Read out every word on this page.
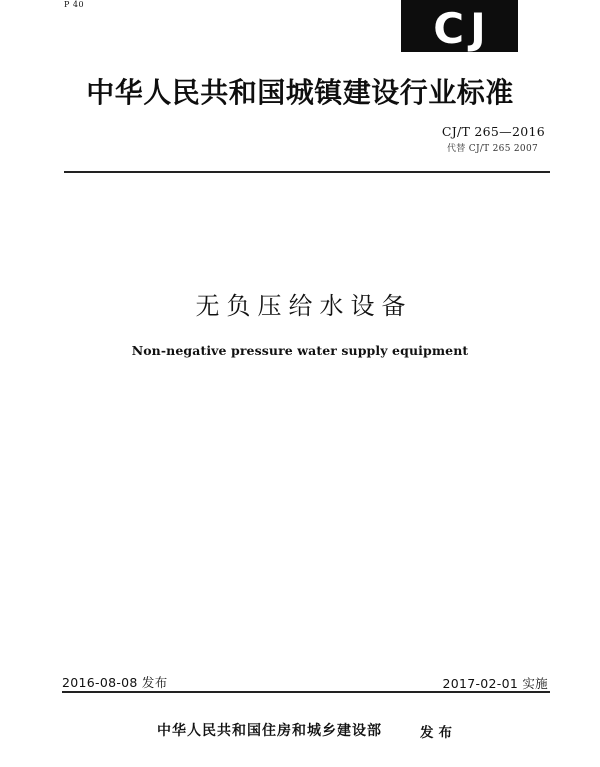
P 40	CJ
中华人民共和国城镇建设行业标准
CJ/T 265—2016
代替 CJ/T 265 2007
无负压给水设备
Non-negative pressure water supply equipment
2016-08-08 发布	2017-02-01 实施
中华人民共和国住房和城乡建设部	发布
